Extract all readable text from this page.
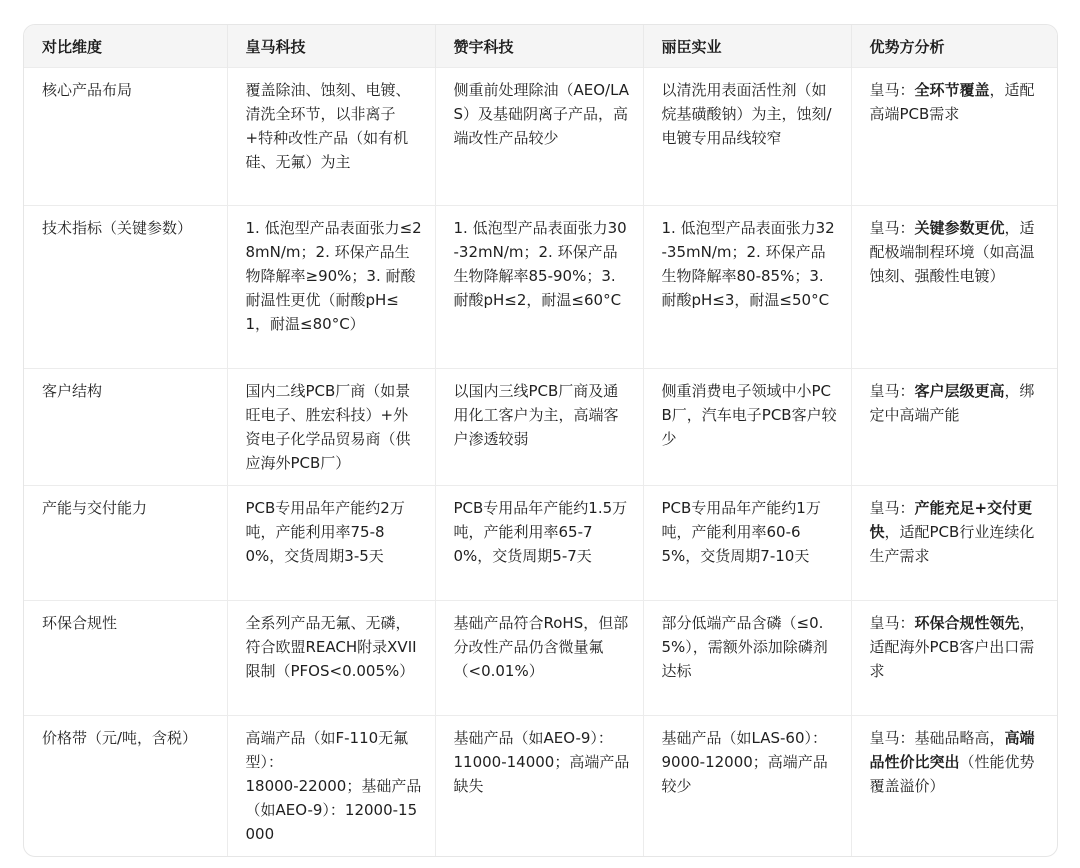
对比维度	皇马科技	赞宇科技	丽臣实业	优势方分析
核心产品布局	覆盖除油、蚀刻、电镀、清洗全环节，以非离子+特种改性产品（如有机硅、无氟）为主	侧重前处理除油（AEO/LAS）及基础阴离子产品，高端改性产品较少	以清洗用表面活性剂（如烷基磺酸钠）为主，蚀刻/电镀专用品线较窄	皇马：全环节覆盖，适配高端PCB需求
技术指标（关键参数）	1. 低泡型产品表面张力≤28mN/m；2. 环保产品生物降解率≥90%；3. 耐酸耐温性更优（耐酸pH≤1，耐温≤80°C）	1. 低泡型产品表面张力30-32mN/m；2. 环保产品生物降解率85-90%；3. 耐酸pH≤2，耐温≤60°C	1. 低泡型产品表面张力32-35mN/m；2. 环保产品生物降解率80-85%；3. 耐酸pH≤3，耐温≤50°C	皇马：关键参数更优，适配极端制程环境（如高温蚀刻、强酸性电镀）
客户结构	国内二线PCB厂商（如景旺电子、胜宏科技）+外资电子化学品贸易商（供应海外PCB厂）	以国内三线PCB厂商及通用化工客户为主，高端客户渗透较弱	侧重消费电子领域中小PCB厂，汽车电子PCB客户较少	皇马：客户层级更高，绑定中高端产能
产能与交付能力	PCB专用品年产能约2万吨，产能利用率75-80%，交货周期3-5天	PCB专用品年产能约1.5万吨，产能利用率65-70%，交货周期5-7天	PCB专用品年产能约1万吨，产能利用率60-65%，交货周期7-10天	皇马：产能充足+交付更快，适配PCB行业连续化生产需求
环保合规性	全系列产品无氟、无磷，符合欧盟REACH附录XVII限制（PFOS<0.005%）	基础产品符合RoHS，但部分改性产品仍含微量氟（<0.01%）	部分低端产品含磷（≤0.5%），需额外添加除磷剂达标	皇马：环保合规性领先，适配海外PCB客户出口需求
价格带（元/吨，含税）	高端产品（如F-110无氟型）：
18000-22000；基础产品（如AEO-9）：12000-15000	基础产品（如AEO-9）：
11000-14000；高端产品缺失	基础产品（如LAS-60）：
9000-12000；高端产品较少	皇马：基础品略高，高端品性价比突出（性能优势覆盖溢价）
